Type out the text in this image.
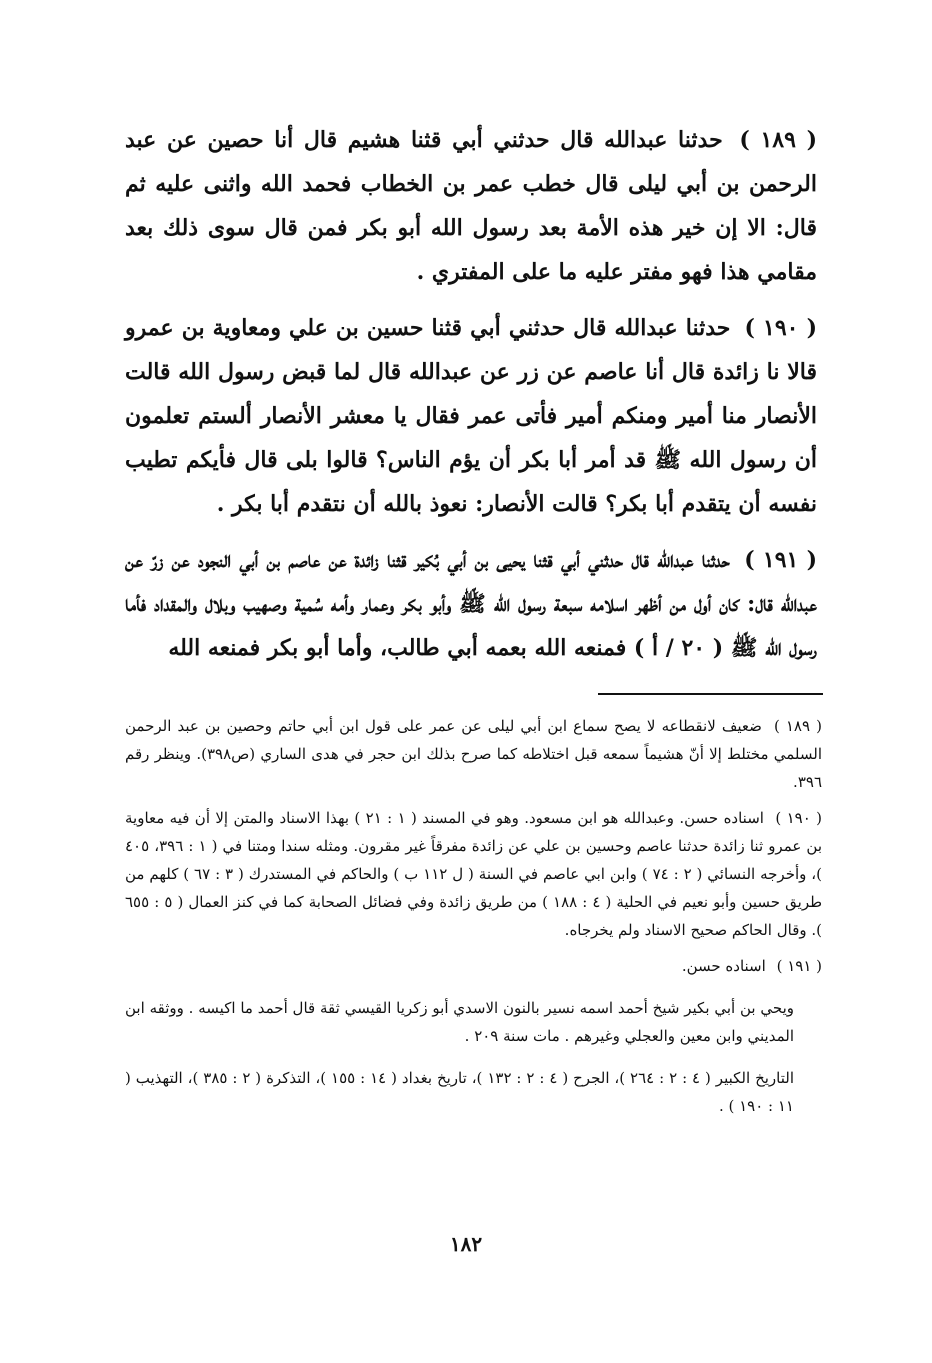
( ١٨٩ ) حدثنا عبدالله قال حدثني أبي قثنا هشيم قال أنا حصين عن عبد الرحمن بن أبي ليلى قال خطب عمر بن الخطاب فحمد الله واثنى عليه ثم قال: الا إن خير هذه الأمة بعد رسول الله أبو بكر فمن قال سوى ذلك بعد مقامي هذا فهو مفتر عليه ما على المفتري .

( ١٩٠ ) حدثنا عبدالله قال حدثني أبي قثنا حسين بن علي ومعاوية بن عمرو قالا نا زائدة قال أنا عاصم عن زر عن عبدالله قال لما قبض رسول الله قالت الأنصار منا أمير ومنكم أمير فأتى عمر فقال يا معشر الأنصار ألستم تعلمون أن رسول الله ﷺ قد أمر أبا بكر أن يؤم الناس؟ قالوا بلى قال فأيكم تطيب نفسه أن يتقدم أبا بكر؟ قالت الأنصار: نعوذ بالله أن نتقدم أبا بكر .

( ١٩١ ) حدثنا عبدالله قال حدثني أبي قثنا يحيى بن أبي بُكير قثنا زائدة عن عاصم بن أبي النجود عن زرّ عن عبدالله قال: كان أول من أظهر اسلامه سبعة رسول الله ﷺ وأبو بكر وعمار وأمه سُمية وصهيب وبلال والمقداد فأما رسول الله ﷺ ( ٢٠ / أ ) فمنعه الله بعمه أبي طالب، وأما أبو بكر فمنعه الله

( ١٨٩ ) ضعيف لانقطاعه لا يصح سماع ابن أبي ليلى عن عمر على قول ابن أبي حاتم وحصين بن عبد الرحمن السلمي مختلط إلا أنّ هشيماً سمعه قبل اختلاطه كما صرح بذلك ابن حجر في هدى الساري (ص٣٩٨). وينظر رقم ٣٩٦.

( ١٩٠ ) اسناده حسن. وعبدالله هو ابن مسعود. وهو في المسند ( ١ : ٢١ ) بهذا الاسناد والمتن إلا أن فيه معاوية بن عمرو ثنا زائدة حدثنا عاصم وحسين بن علي عن زائدة مفرقاً غير مقرون. ومثله سندا ومتنا في ( ١ : ٣٩٦، ٤٠٥ )، وأخرجه النسائي ( ٢ : ٧٤ ) وابن ابي عاصم في السنة ( ل ١١٢ ب ) والحاكم في المستدرك ( ٣ : ٦٧ ) كلهم من طريق حسين وأبو نعيم في الحلية ( ٤ : ١٨٨ ) من طريق زائدة وفي فضائل الصحابة كما في كنز العمال ( ٥ : ٦٥٥ ). وقال الحاكم صحيح الاسناد ولم يخرجاه.

( ١٩١ ) اسناده حسن.

ويحي بن أبي بكير شيخ أحمد اسمه نسير بالنون الاسدي أبو زكريا القيسي ثقة قال أحمد ما اكيسه . ووثقه ابن المديني وابن معين والعجلي وغيرهم . مات سنة ٢٠٩ .

التاريخ الكبير ( ٤ : ٢ : ٢٦٤ )، الجرح ( ٤ : ٢ : ١٣٢ )، تاريخ بغداد ( ١٤ : ١٥٥ )، التذكرة ( ٢ : ٣٨٥ )، التهذيب ( ١١ : ١٩٠ ) .

١٨٢
